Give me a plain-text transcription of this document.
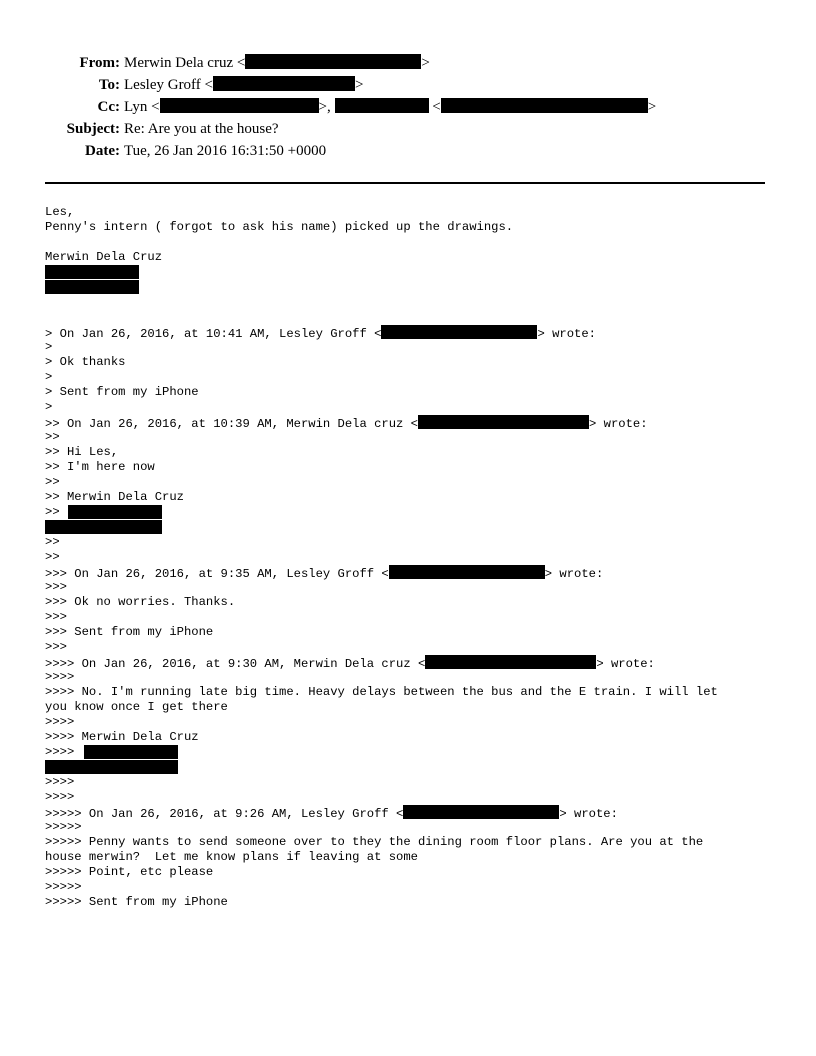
From: Merwin Dela cruz <	>
To: Lesley Groff <	>
Cc: Lyn <	>,	<	>
Subject: Re: Are you at the house?
Date: Tue, 26 Jan 2016 16:31:50 +0000
Les,
Penny's intern ( forgot to ask his name) picked up the drawings.
Merwin Dela Cruz
> On Jan 26, 2016, at 10:41 AM, Lesley Groff <	> wrote:
>
> Ok thanks
>
> Sent from my iPhone
>
>> On Jan 26, 2016, at 10:39 AM, Merwin Dela cruz <	> wrote:
>>
>> Hi Les,
>> I'm here now
>>
>> Merwin Dela Cruz
>>
>>
>>
>>> On Jan 26, 2016, at 9:35 AM, Lesley Groff <	> wrote:
>>>
>>> Ok no worries. Thanks.
>>>
>>> Sent from my iPhone
>>>
>>>> On Jan 26, 2016, at 9:30 AM, Merwin Dela cruz <	> wrote:
>>>>
>>>> No. I'm running late big time. Heavy delays between the bus and the E train. I will let
you know once I get there
>>>>
>>>> Merwin Dela Cruz
>>>>
>>>>
>>>>
>>>>> On Jan 26, 2016, at 9:26 AM, Lesley Groff <	> wrote:
>>>>>
>>>>> Penny wants to send someone over to they the dining room floor plans. Are you at the
house merwin?  Let me know plans if leaving at some
>>>>> Point, etc please
>>>>>
>>>>> Sent from my iPhone
